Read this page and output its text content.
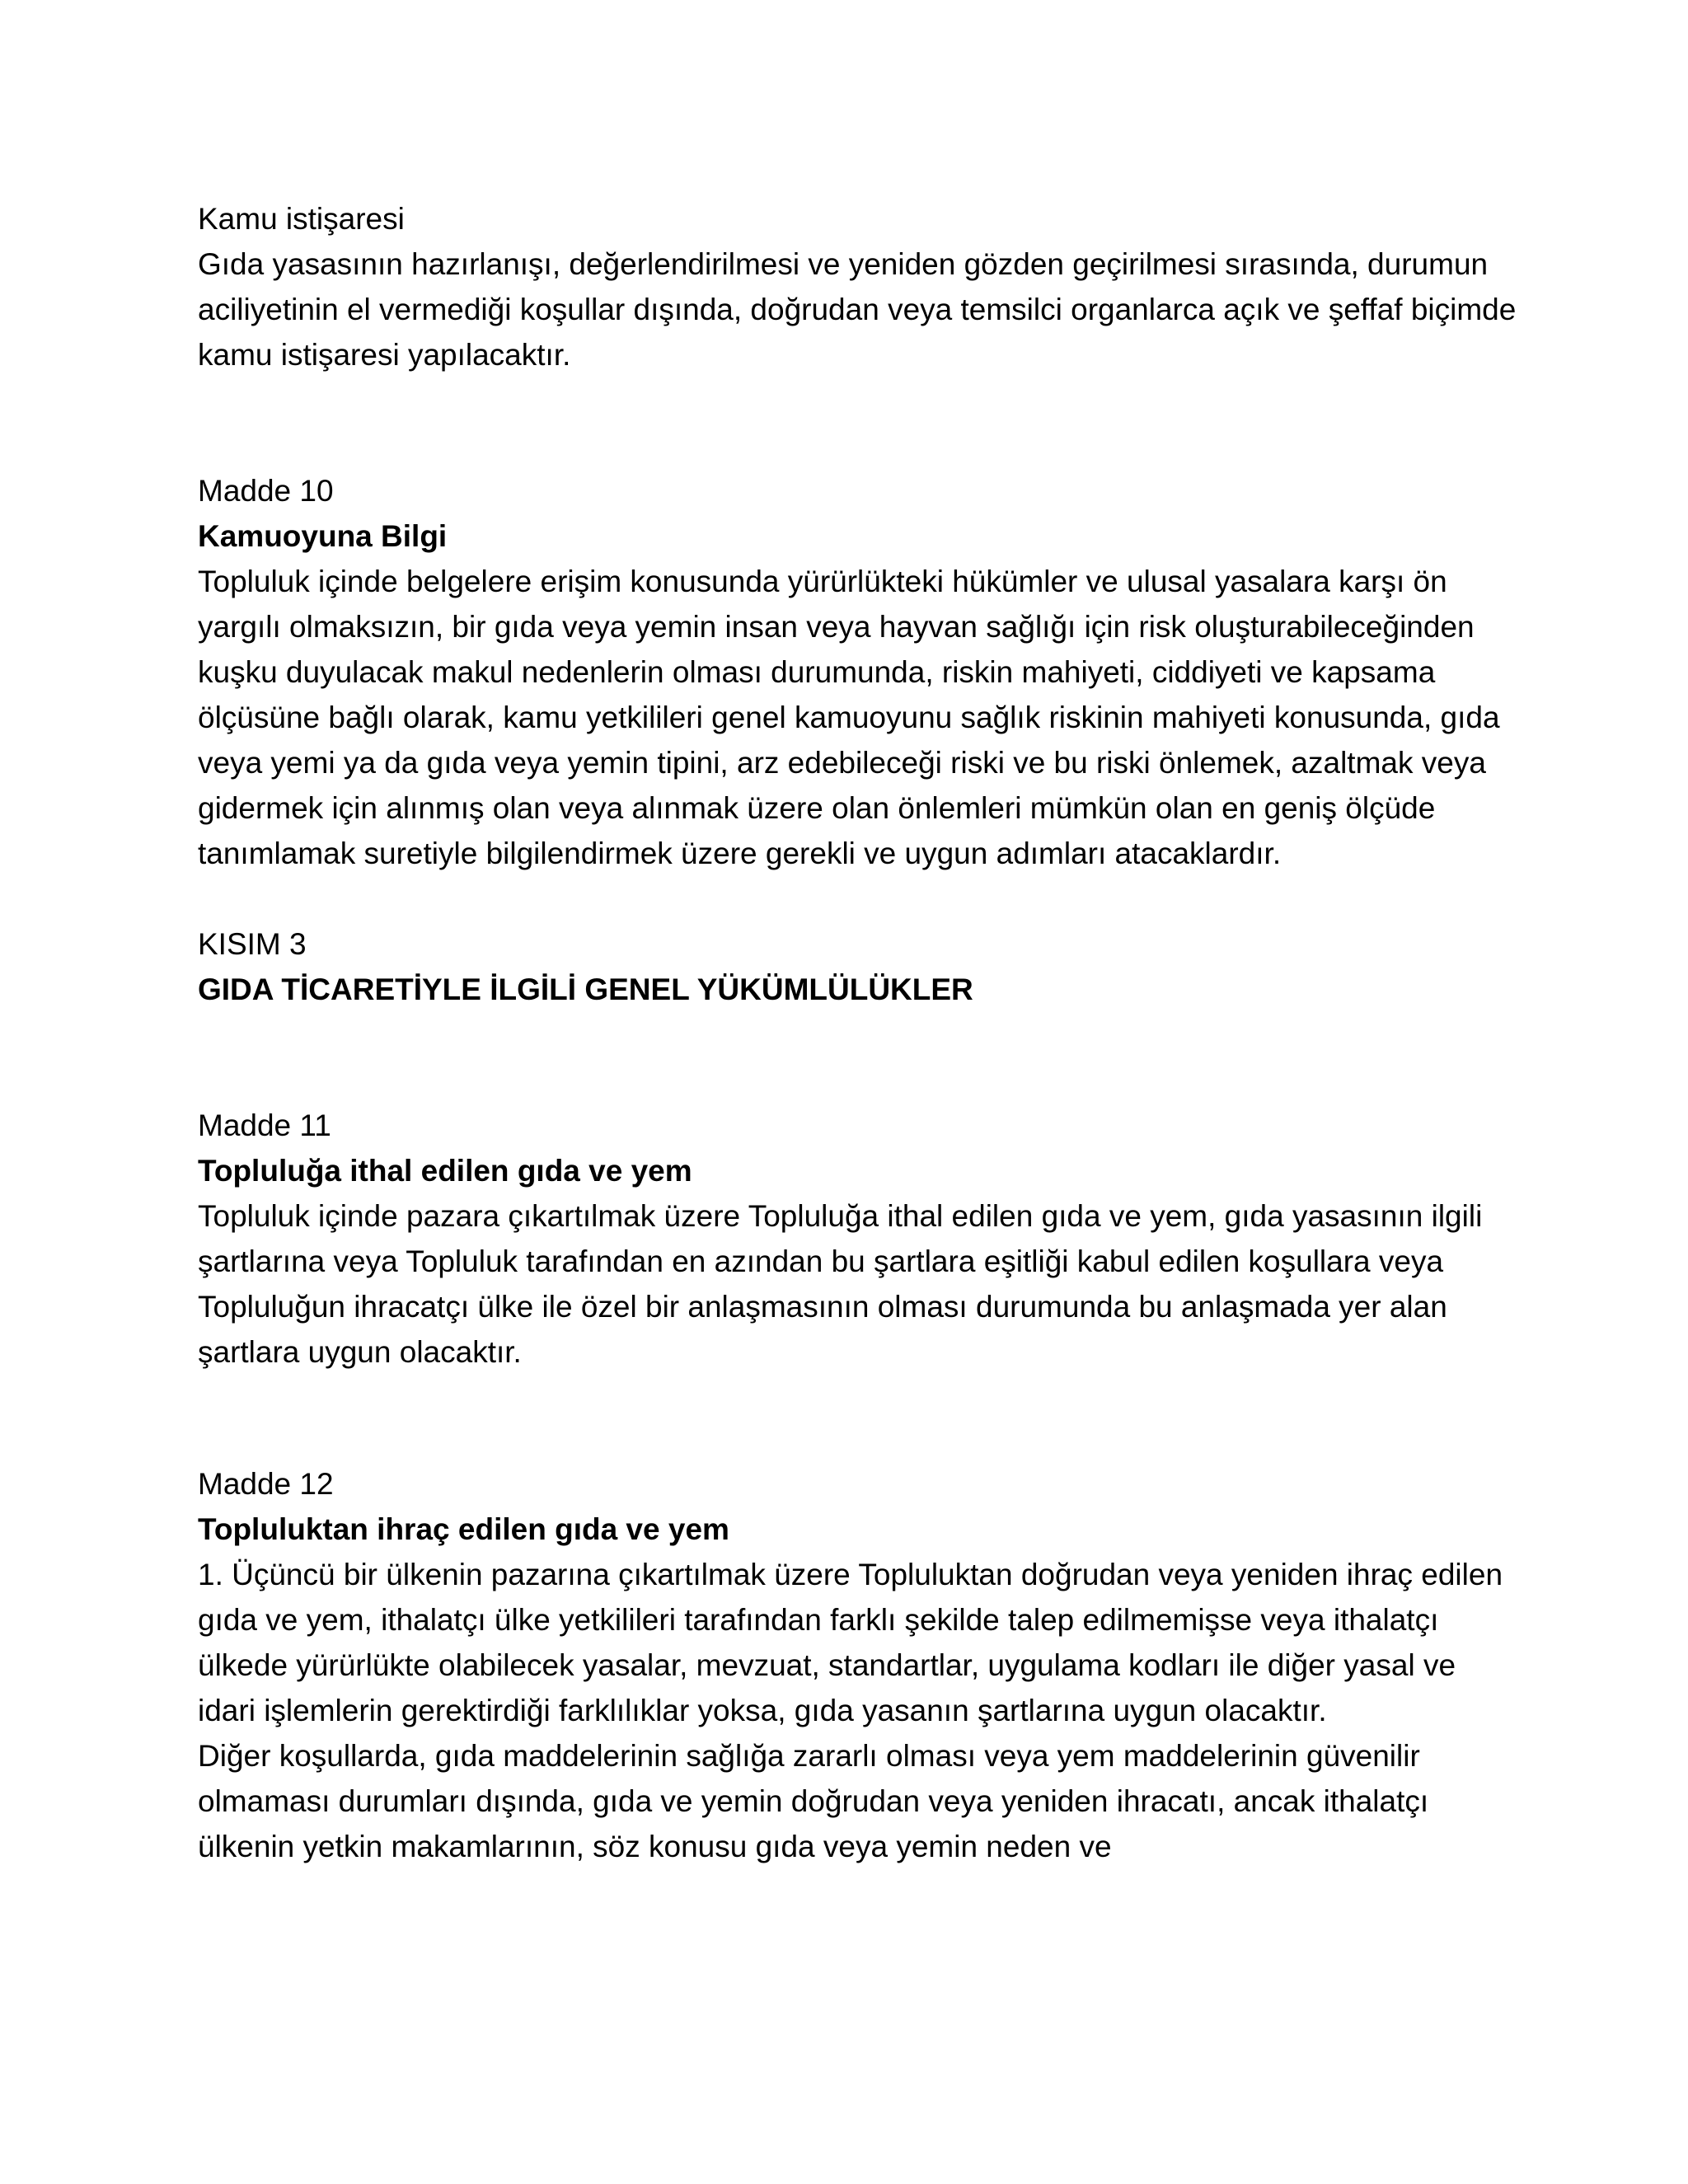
Kamu istişaresi

Gıda yasasının hazırlanışı, değerlendirilmesi ve yeniden gözden geçirilmesi sırasında, durumun aciliyetinin el vermediği koşullar dışında, doğrudan veya temsilci organlarca açık ve şeffaf biçimde kamu istişaresi yapılacaktır.

Madde 10

Kamuoyuna Bilgi

Topluluk içinde belgelere erişim konusunda yürürlükteki hükümler ve ulusal yasalara karşı ön yargılı olmaksızın, bir gıda veya yemin insan veya hayvan sağlığı için risk oluşturabileceğinden kuşku duyulacak makul nedenlerin olması durumunda, riskin mahiyeti, ciddiyeti ve kapsama ölçüsüne bağlı olarak, kamu yetkilileri genel kamuoyunu sağlık riskinin mahiyeti konusunda, gıda veya yemi ya da gıda veya yemin tipini, arz edebileceği riski ve bu riski önlemek, azaltmak veya gidermek için alınmış olan veya alınmak üzere olan önlemleri mümkün olan en geniş ölçüde tanımlamak suretiyle bilgilendirmek üzere gerekli ve uygun adımları atacaklardır.

KISIM 3

GIDA TİCARETİYLE İLGİLİ GENEL YÜKÜMLÜLÜKLER

Madde 11

Topluluğa ithal edilen gıda ve yem

Topluluk içinde pazara çıkartılmak üzere Topluluğa ithal edilen gıda ve yem, gıda yasasının ilgili şartlarına veya Topluluk tarafından en azından bu şartlara eşitliği kabul edilen koşullara veya Topluluğun ihracatçı ülke ile özel bir anlaşmasının olması durumunda bu anlaşmada yer alan şartlara uygun olacaktır.

Madde 12

Topluluktan ihraç edilen gıda ve yem

1. Üçüncü bir ülkenin pazarına çıkartılmak üzere Topluluktan doğrudan veya yeniden ihraç edilen gıda ve yem, ithalatçı ülke yetkilileri tarafından farklı şekilde talep edilmemişse veya ithalatçı ülkede yürürlükte olabilecek yasalar, mevzuat, standartlar, uygulama kodları ile diğer yasal ve idari işlemlerin gerektirdiği farklılıklar yoksa, gıda yasanın şartlarına uygun olacaktır.

Diğer koşullarda, gıda maddelerinin sağlığa zararlı olması veya yem maddelerinin güvenilir olmaması durumları dışında, gıda ve yemin doğrudan veya yeniden ihracatı, ancak ithalatçı ülkenin yetkin makamlarının, söz konusu gıda veya yemin neden ve
